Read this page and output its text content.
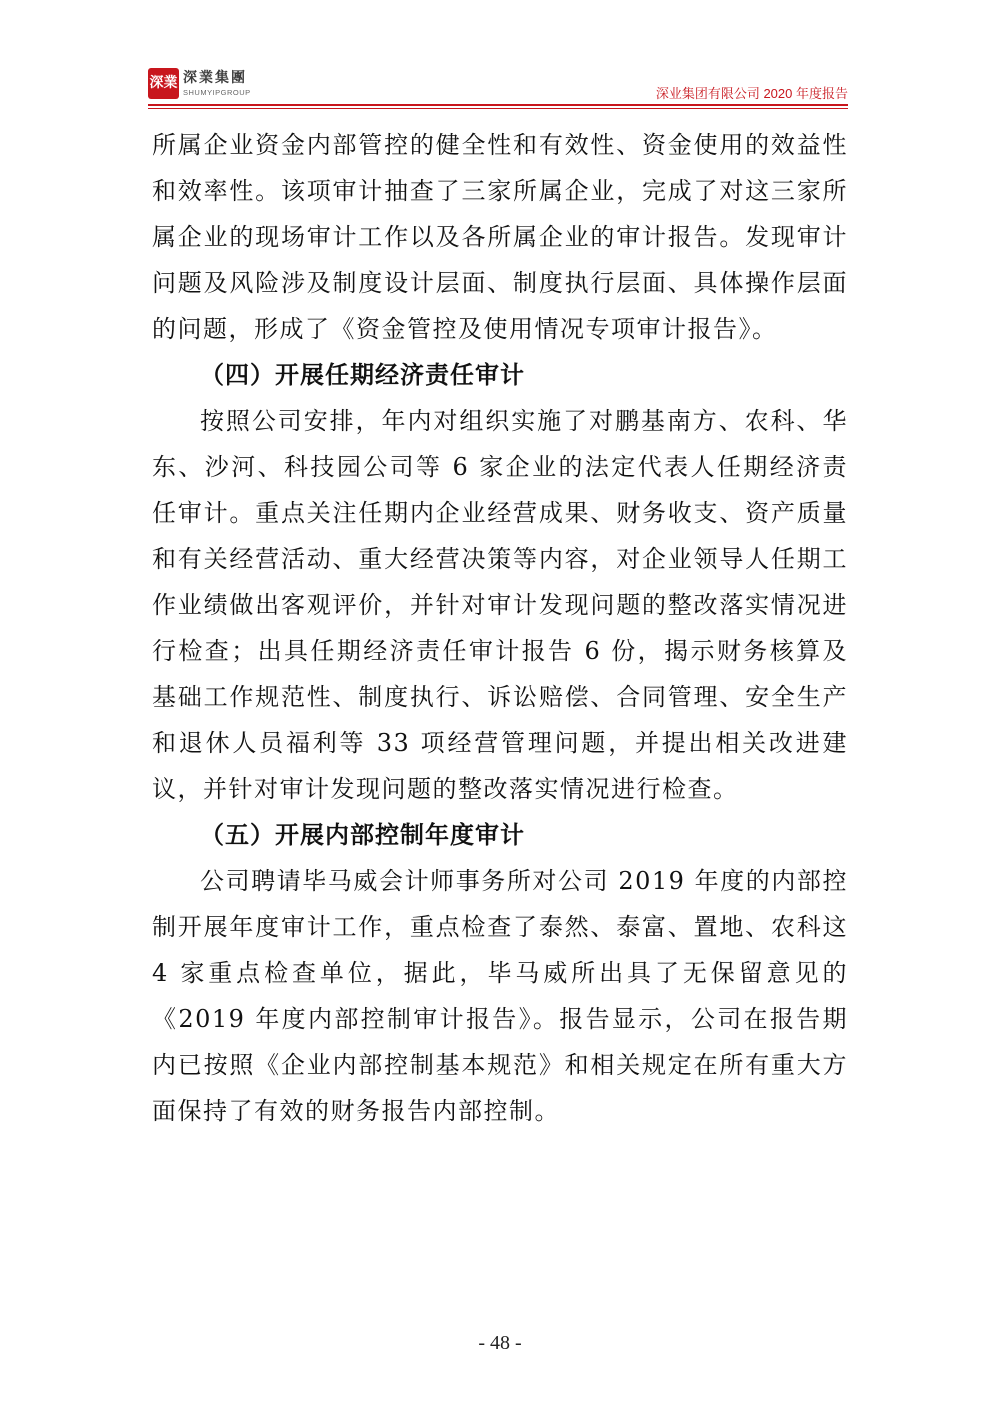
深業 深業集團
SHUMYIPGROUP	深业集团有限公司 2020 年度报告

所属企业资金内部管控的健全性和有效性、资金使用的效益性和效率性。该项审计抽查了三家所属企业，完成了对这三家所属企业的现场审计工作以及各所属企业的审计报告。发现审计问题及风险涉及制度设计层面、制度执行层面、具体操作层面的问题，形成了《资金管控及使用情况专项审计报告》。

（四）开展任期经济责任审计

按照公司安排，年内对组织实施了对鹏基南方、农科、华东、沙河、科技园公司等 6 家企业的法定代表人任期经济责任审计。重点关注任期内企业经营成果、财务收支、资产质量和有关经营活动、重大经营决策等内容，对企业领导人任期工作业绩做出客观评价，并针对审计发现问题的整改落实情况进行检查；出具任期经济责任审计报告 6 份，揭示财务核算及基础工作规范性、制度执行、诉讼赔偿、合同管理、安全生产和退休人员福利等 33 项经营管理问题，并提出相关改进建议，并针对审计发现问题的整改落实情况进行检查。

（五）开展内部控制年度审计

公司聘请毕马威会计师事务所对公司 2019 年度的内部控制开展年度审计工作，重点检查了泰然、泰富、置地、农科这 4 家重点检查单位，据此，毕马威所出具了无保留意见的《2019 年度内部控制审计报告》。报告显示，公司在报告期内已按照《企业内部控制基本规范》和相关规定在所有重大方面保持了有效的财务报告内部控制。

- 48 -
